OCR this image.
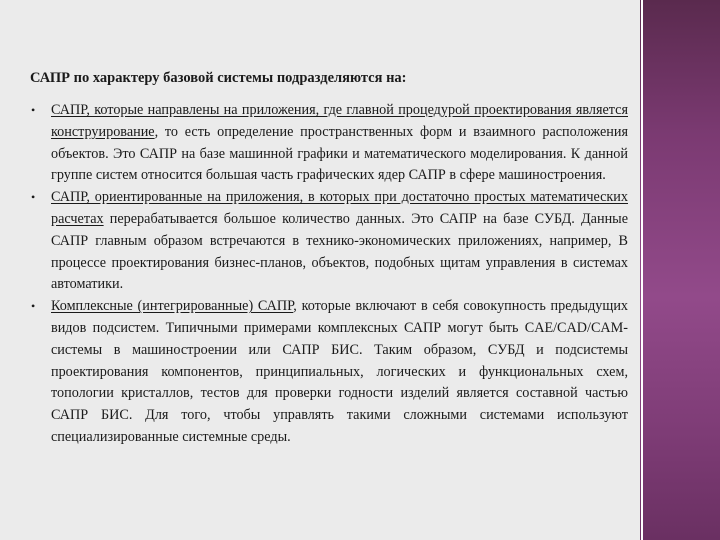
САПР по характеру базовой системы подразделяются на:

• САПР, которые направлены на приложения, где главной процедурой проектирования является конструирование, то есть определение пространственных форм и взаимного расположения объектов. Это САПР на базе машинной графики и математического моделирования. К данной группе систем относится большая часть графических ядер САПР в сфере машиностроения.
• САПР, ориентированные на приложения, в которых при достаточно простых математических расчетах перерабатывается большое количество данных. Это САПР на базе СУБД. Данные САПР главным образом встречаются в технико-экономических приложениях, например, В процессе проектирования бизнес-планов, объектов, подобных щитам управления в системах автоматики.
• Комплексные (интегрированные) САПР, которые включают в себя совокупность предыдущих видов подсистем. Типичными примерами комплексных САПР могут быть CAE/CAD/CAM-системы в машиностроении или САПР БИС. Таким образом, СУБД и подсистемы проектирования компонентов, принципиальных, логических и функциональных схем, топологии кристаллов, тестов для проверки годности изделий является составной частью САПР БИС. Для того, чтобы управлять такими сложными системами используют специализированные системные среды.
